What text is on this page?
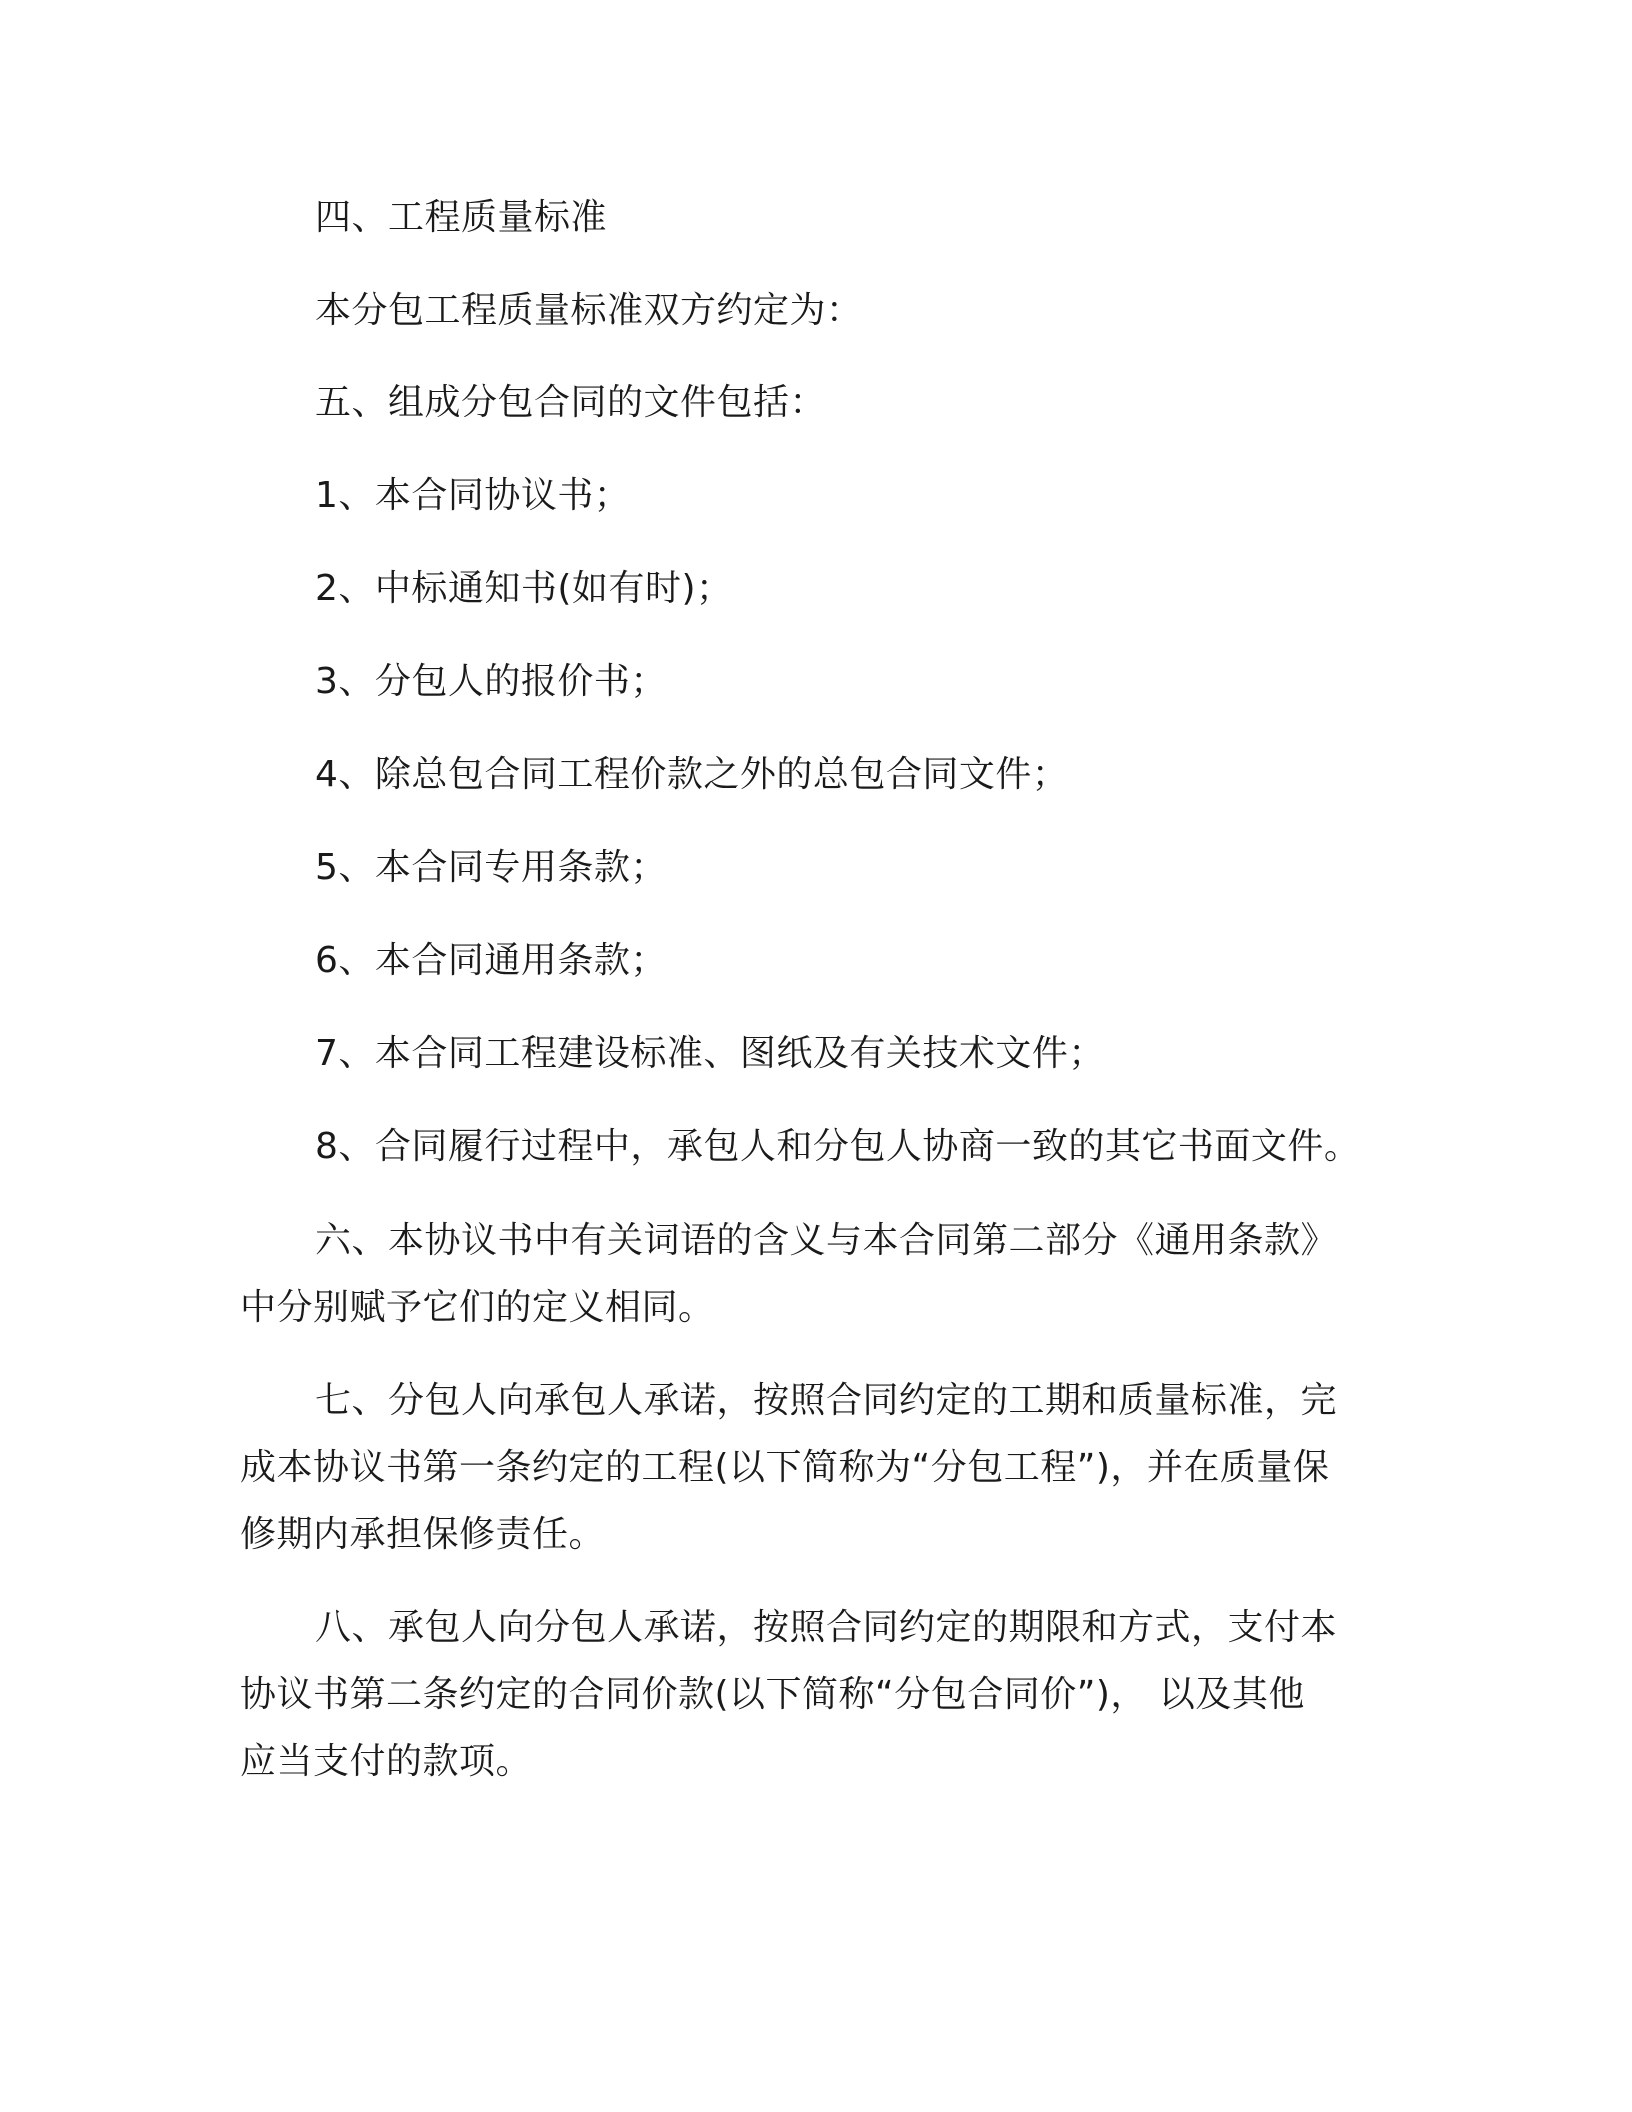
四、工程质量标准
本分包工程质量标准双方约定为：
五、组成分包合同的文件包括：
1、本合同协议书；
2、中标通知书(如有时)；
3、分包人的报价书；
4、除总包合同工程价款之外的总包合同文件；
5、本合同专用条款；
6、本合同通用条款；
7、本合同工程建设标准、图纸及有关技术文件；
8、合同履行过程中，承包人和分包人协商一致的其它书面文件。
六、本协议书中有关词语的含义与本合同第二部分《通用条款》
中分别赋予它们的定义相同。
七、分包人向承包人承诺，按照合同约定的工期和质量标准，完
成本协议书第一条约定的工程(以下简称为“分包工程”)，并在质量保
修期内承担保修责任。
八、承包人向分包人承诺，按照合同约定的期限和方式，支付本
协议书第二条约定的合同价款(以下简称“分包合同价”)， 以及其他
应当支付的款项。
